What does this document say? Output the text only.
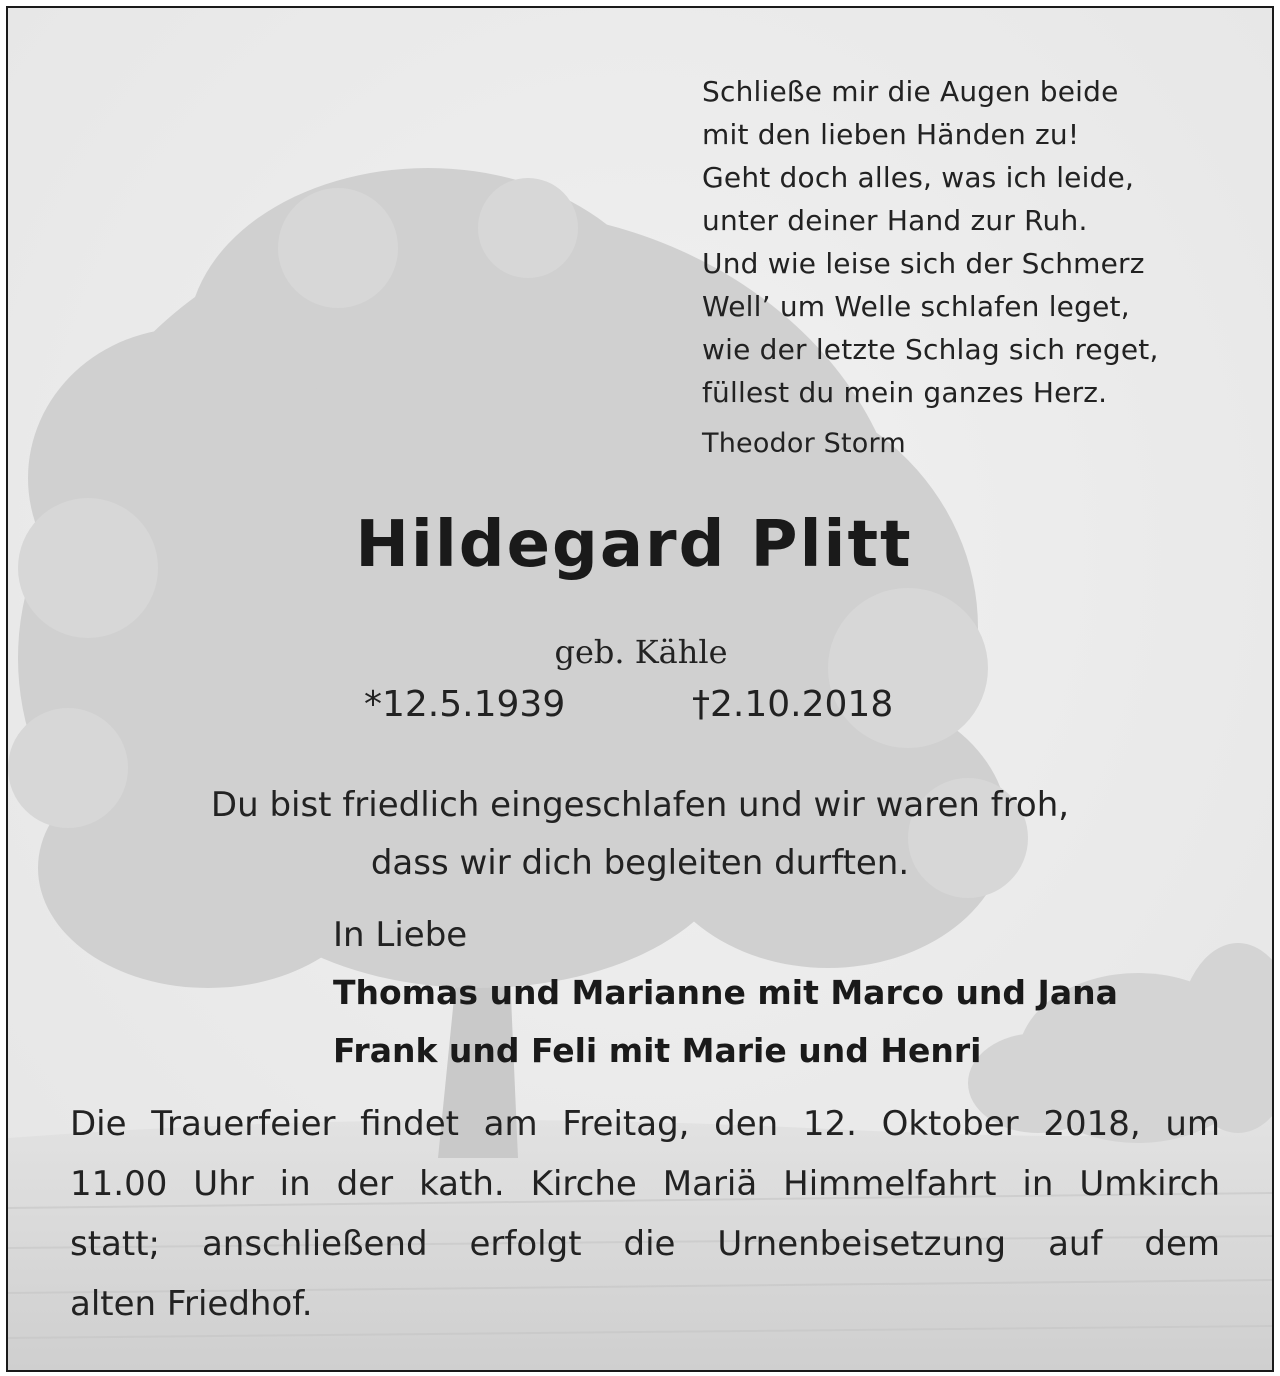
Schließe mir die Augen beide
mit den lieben Händen zu!
Geht doch alles, was ich leide,
unter deiner Hand zur Ruh.
Und wie leise sich der Schmerz
Well’ um Welle schlafen leget,
wie der letzte Schlag sich reget,
füllest du mein ganzes Herz.
Theodor Storm
Hildegard Plitt
geb. Kähle
*12.5.1939	†2.10.2018
Du bist friedlich eingeschlafen und wir waren froh,
dass wir dich begleiten durften.
In Liebe
Thomas und Marianne mit Marco und Jana
Frank und Feli mit Marie und Henri
Die Trauerfeier findet am Freitag, den 12. Oktober 2018, um
11.00 Uhr in der kath. Kirche Mariä Himmelfahrt in Umkirch
statt; anschließend erfolgt die Urnenbeisetzung auf dem
alten Friedhof.
